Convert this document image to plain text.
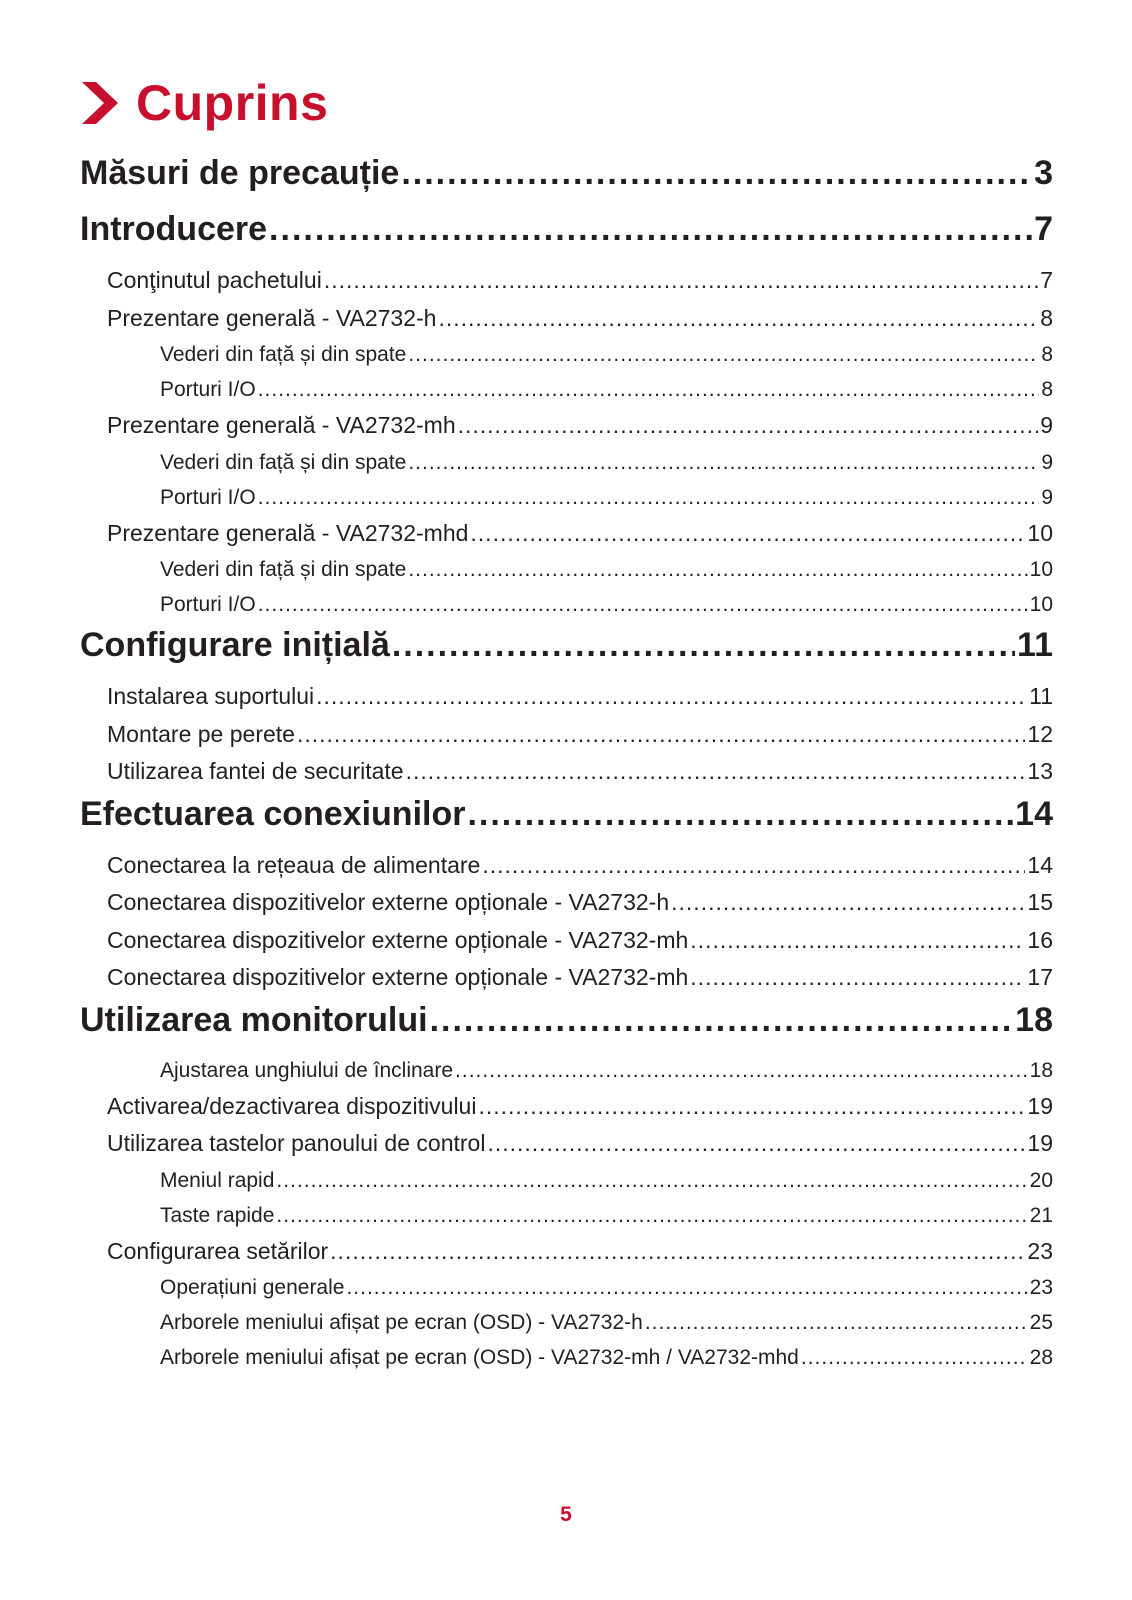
Cuprins
Măsuri de precauție .....	3
Introducere .....	7
Conţinutul pachetului .....	7
Prezentare generală - VA2732-h .....	8
Vederi din față și din spate .....	8
Porturi I/O .....	8
Prezentare generală - VA2732-mh .....	9
Vederi din față și din spate .....	9
Porturi I/O .....	9
Prezentare generală - VA2732-mhd .....	10
Vederi din față și din spate .....	10
Porturi I/O .....	10
Configurare inițială .....	11
Instalarea suportului .....	11
Montare pe perete .....	12
Utilizarea fantei de securitate .....	13
Efectuarea conexiunilor .....	14
Conectarea la rețeaua de alimentare .....	14
Conectarea dispozitivelor externe opționale - VA2732-h .....	15
Conectarea dispozitivelor externe opționale - VA2732-mh .....	16
Conectarea dispozitivelor externe opționale - VA2732-mh .....	17
Utilizarea monitorului .....	18
Ajustarea unghiului de înclinare .....	18
Activarea/dezactivarea dispozitivului .....	19
Utilizarea tastelor panoului de control .....	19
Meniul rapid .....	20
Taste rapide .....	21
Configurarea setărilor .....	23
Operațiuni generale .....	23
Arborele meniului afișat pe ecran (OSD) - VA2732-h .....	25
Arborele meniului afișat pe ecran (OSD) - VA2732-mh / VA2732-mhd .....	28
5
